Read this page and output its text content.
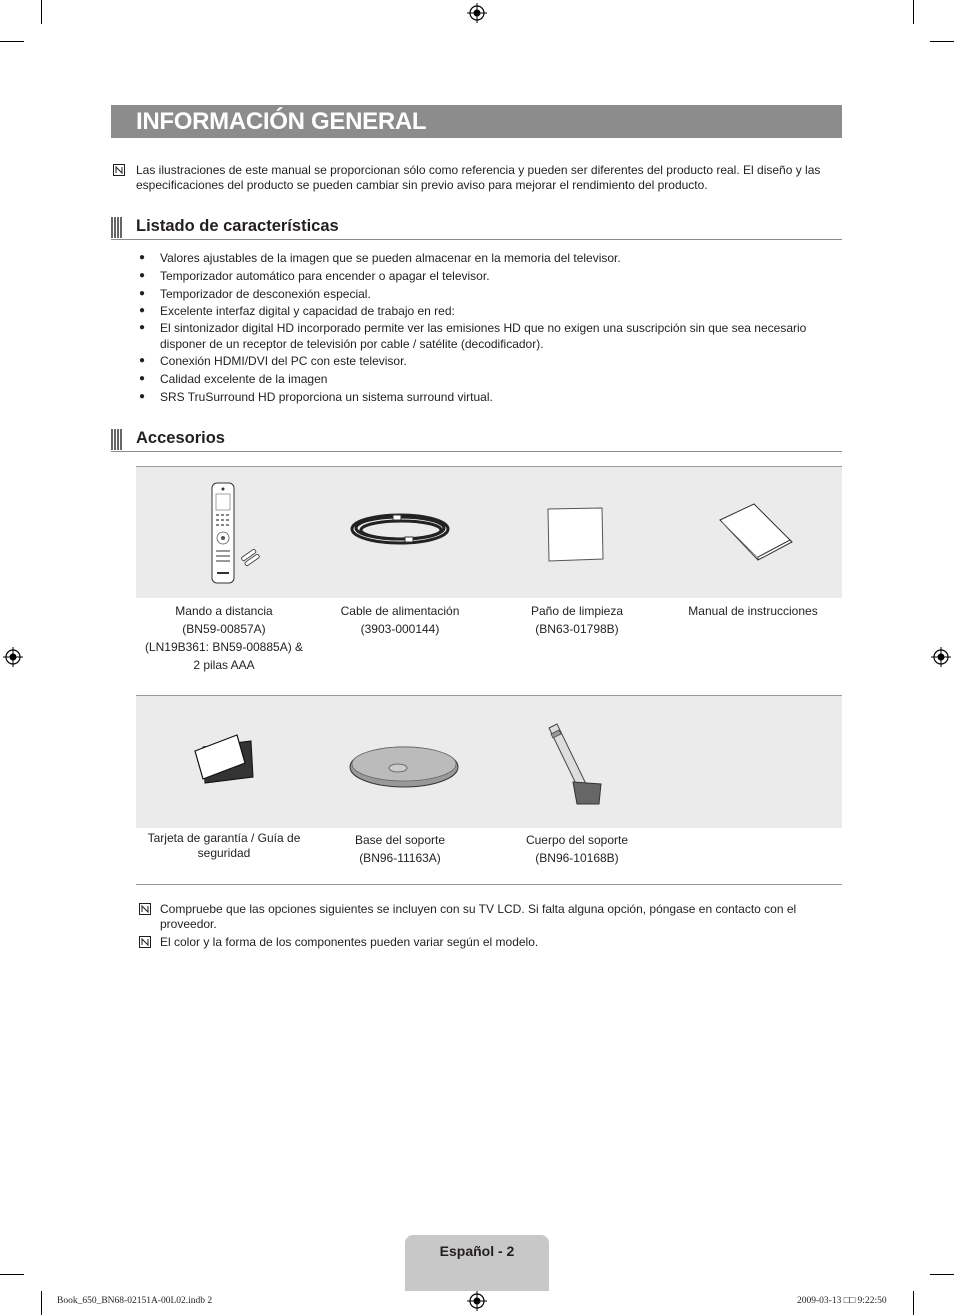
INFORMACIÓN GENERAL
Las ilustraciones de este manual se proporcionan sólo como referencia y pueden ser diferentes del producto real. El diseño y las especificaciones del producto se pueden cambiar sin previo aviso para mejorar el rendimiento del producto.
Listado de características
● Valores ajustables de la imagen que se pueden almacenar en la memoria del televisor.
● Temporizador automático para encender o apagar el televisor.
● Temporizador de desconexión especial.
● Excelente interfaz digital y capacidad de trabajo en red:
● El sintonizador digital HD incorporado permite ver las emisiones HD que no exigen una suscripción sin que sea necesario disponer de un receptor de televisión por cable / satélite (decodificador).
● Conexión HDMI/DVI del PC con este televisor.
● Calidad excelente de la imagen
● SRS TruSurround HD proporciona un sistema surround virtual.
Accesorios
Mando a distancia
(BN59-00857A)
(LN19B361: BN59-00885A) &
2 pilas AAA
Cable de alimentación
(3903-000144)
Paño de limpieza
(BN63-01798B)
Manual de instrucciones
Tarjeta de garantía / Guía de
seguridad
Base del soporte
(BN96-11163A)
Cuerpo del soporte
(BN96-10168B)
Compruebe que las opciones siguientes se incluyen con su TV LCD. Si falta alguna opción, póngase en contacto con el proveedor.
El color y la forma de los componentes pueden variar según el modelo.
Español - 2
Book_650_BN68-02151A-00L02.indb 2	2009-03-13 □□ 9:22:50
